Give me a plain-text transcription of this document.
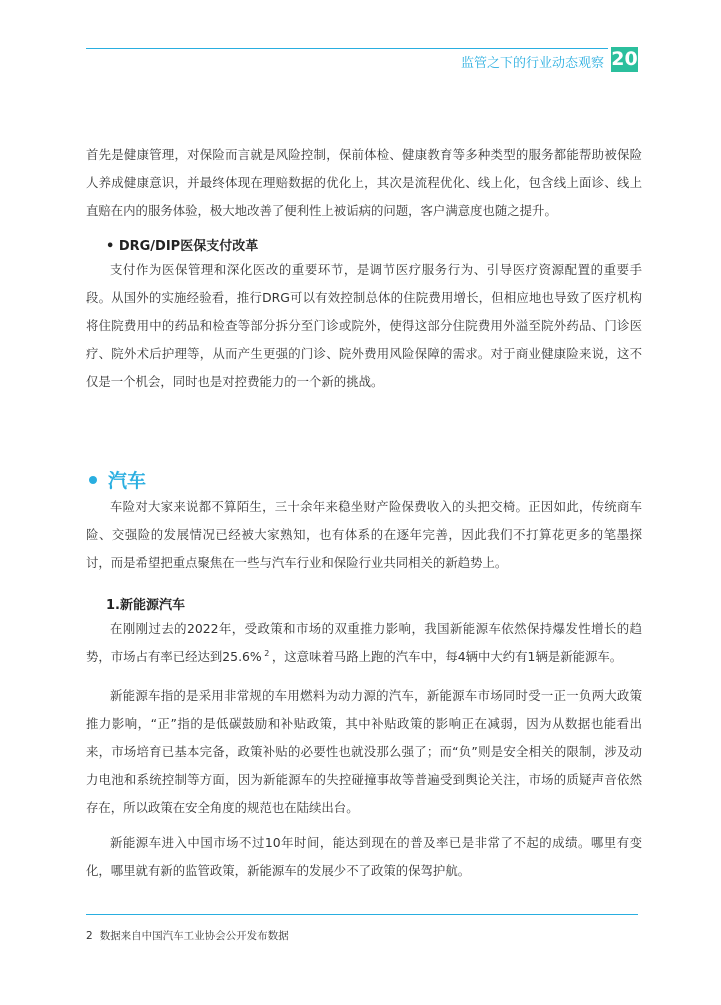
监管之下的行业动态观察 20

首先是健康管理，对保险而言就是风险控制，保前体检、健康教育等多种类型的服务都能帮助被保险人养成健康意识，并最终体现在理赔数据的优化上，其次是流程优化、线上化，包含线上面诊、线上直赔在内的服务体验，极大地改善了便利性上被诟病的问题，客户满意度也随之提升。

• DRG/DIP医保支付改革

支付作为医保管理和深化医改的重要环节，是调节医疗服务行为、引导医疗资源配置的重要手段。从国外的实施经验看，推行DRG可以有效控制总体的住院费用增长，但相应地也导致了医疗机构将住院费用中的药品和检查等部分拆分至门诊或院外，使得这部分住院费用外溢至院外药品、门诊医疗、院外术后护理等，从而产生更强的门诊、院外费用风险保障的需求。对于商业健康险来说，这不仅是一个机会，同时也是对控费能力的一个新的挑战。

汽车

车险对大家来说都不算陌生，三十余年来稳坐财产险保费收入的头把交椅。正因如此，传统商车险、交强险的发展情况已经被大家熟知，也有体系的在逐年完善，因此我们不打算花更多的笔墨探讨，而是希望把重点聚焦在一些与汽车行业和保险行业共同相关的新趋势上。

1.新能源汽车

在刚刚过去的2022年，受政策和市场的双重推力影响，我国新能源车依然保持爆发性增长的趋势，市场占有率已经达到25.6% $^2$ ，这意味着马路上跑的汽车中，每4辆中大约有1辆是新能源车。

新能源车指的是采用非常规的车用燃料为动力源的汽车，新能源车市场同时受一正一负两大政策推力影响，“正”指的是低碳鼓励和补贴政策，其中补贴政策的影响正在减弱，因为从数据也能看出来，市场培育已基本完备，政策补贴的必要性也就没那么强了；而“负”则是安全相关的限制，涉及动力电池和系统控制等方面，因为新能源车的失控碰撞事故等普遍受到舆论关注，市场的质疑声音依然存在，所以政策在安全角度的规范也在陆续出台。

新能源车进入中国市场不过10年时间，能达到现在的普及率已是非常了不起的成绩。哪里有变化，哪里就有新的监管政策，新能源车的发展少不了政策的保驾护航。

2 数据来自中国汽车工业协会公开发布数据
